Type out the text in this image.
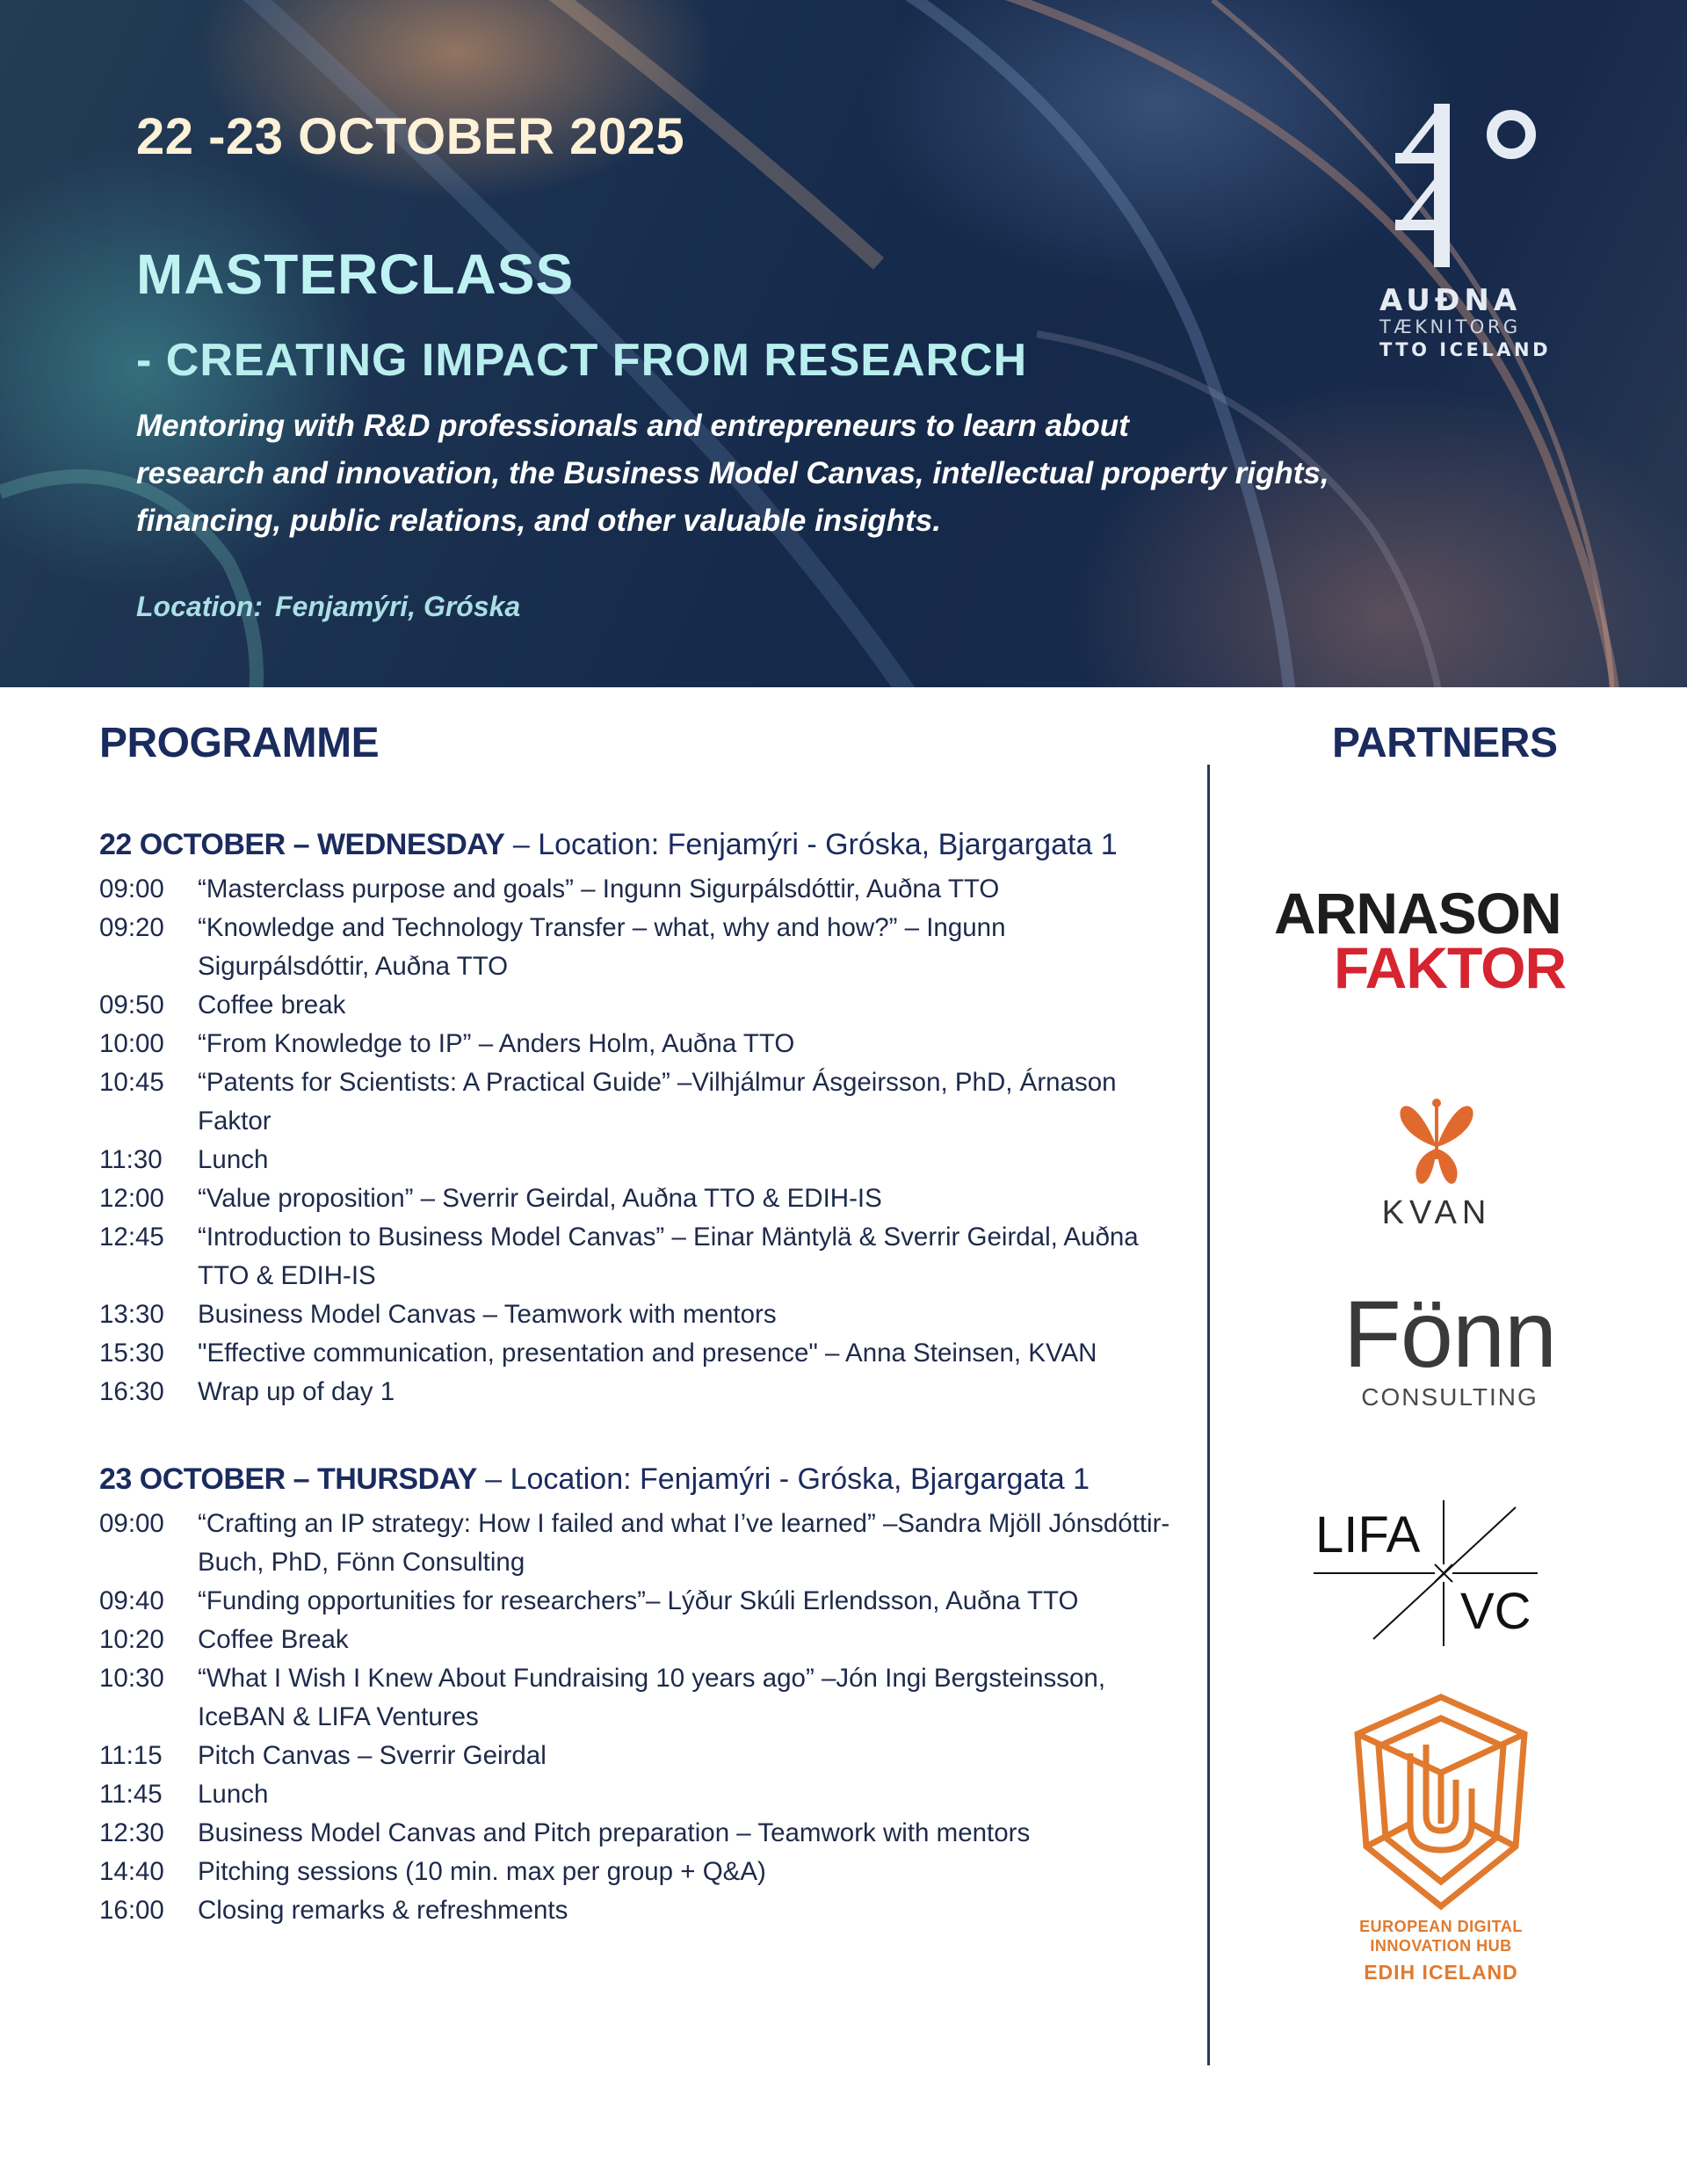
22 -23 OCTOBER 2025
MASTERCLASS
- CREATING IMPACT FROM RESEARCH
Mentoring with R&D professionals and entrepreneurs to learn about
research and innovation, the Business Model Canvas, intellectual property rights,
financing, public relations, and other valuable insights.
Location: Fenjamýri, Gróska
AUÐNA
TÆKNITORG
TTO ICELAND
PROGRAMME	PARTNERS
22 OCTOBER – WEDNESDAY – Location: Fenjamýri - Gróska, Bjargargata 1
09:00	“Masterclass purpose and goals” – Ingunn Sigurpálsdóttir, Auðna TTO
09:20	“Knowledge and Technology Transfer – what, why and how?” – Ingunn Sigurpálsdóttir, Auðna TTO
09:50	Coffee break
10:00	“From Knowledge to IP” – Anders Holm, Auðna TTO
10:45	“Patents for Scientists: A Practical Guide” –Vilhjálmur Ásgeirsson, PhD, Árnason Faktor
11:30	Lunch
12:00	“Value proposition” – Sverrir Geirdal, Auðna TTO & EDIH-IS
12:45	“Introduction to Business Model Canvas” – Einar Mäntylä & Sverrir Geirdal, Auðna TTO & EDIH-IS
13:30	Business Model Canvas – Teamwork with mentors
15:30	"Effective communication, presentation and presence" – Anna Steinsen, KVAN
16:30	Wrap up of day 1
23 OCTOBER – THURSDAY – Location: Fenjamýri - Gróska, Bjargargata 1
09:00	“Crafting an IP strategy: How I failed and what I’ve learned” –Sandra Mjöll Jónsdóttir-Buch, PhD, Fönn Consulting
09:40	“Funding opportunities for researchers”– Lýður Skúli Erlendsson, Auðna TTO
10:20	Coffee Break
10:30	“What I Wish I Knew About Fundraising 10 years ago” –Jón Ingi Bergsteinsson, IceBAN & LIFA Ventures
11:15	Pitch Canvas – Sverrir Geirdal
11:45	Lunch
12:30	Business Model Canvas and Pitch preparation – Teamwork with mentors
14:40	Pitching sessions (10 min. max per group + Q&A)
16:00	Closing remarks & refreshments
ARNASON
FAKTOR
KVAN
Fönn
CONSULTING
LIFA
VC
EUROPEAN DIGITAL
INNOVATION HUB
EDIH ICELAND
